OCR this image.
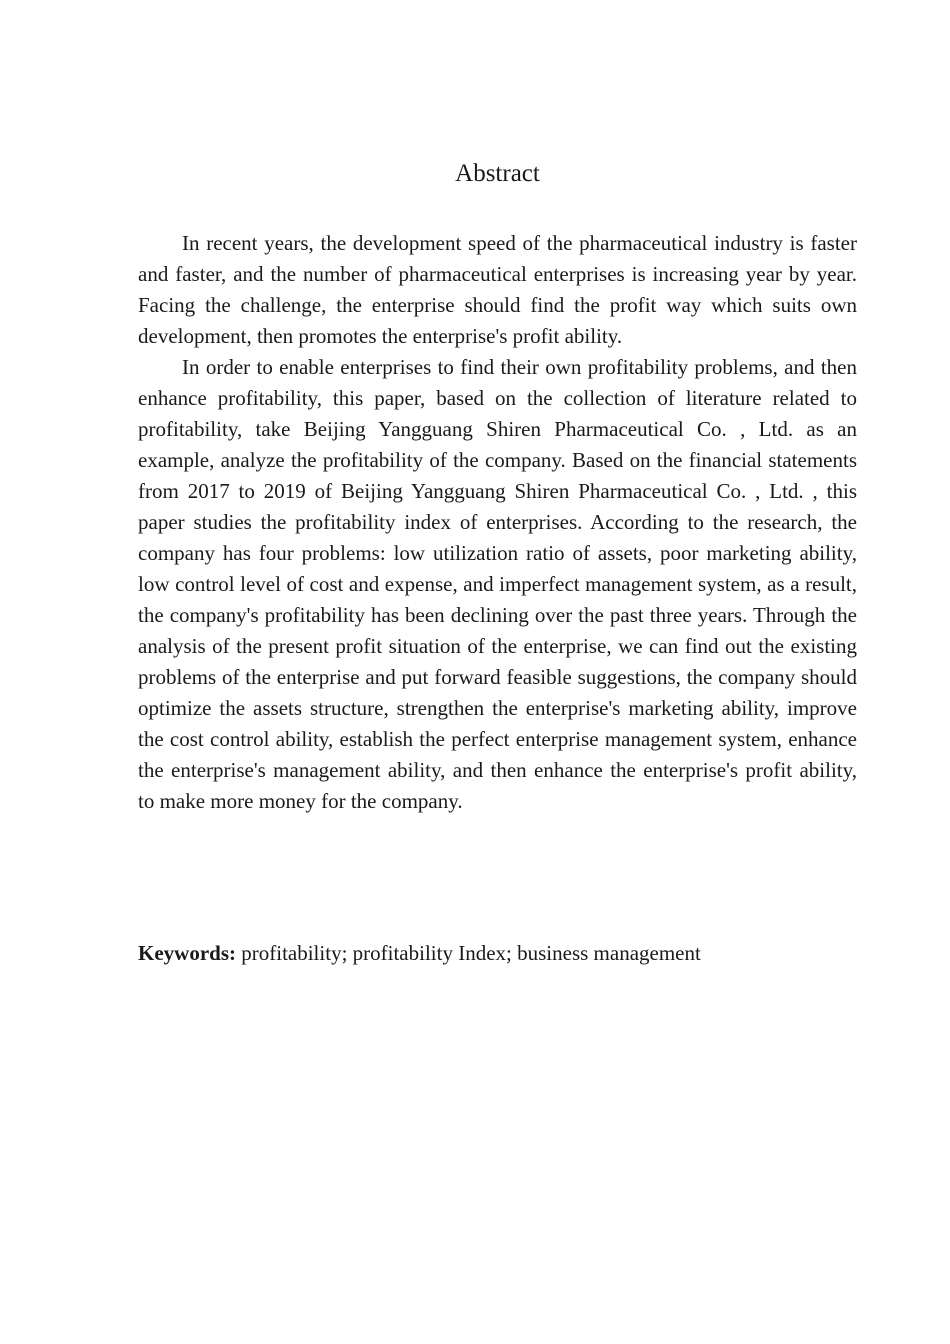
Abstract

In recent years, the development speed of the pharmaceutical industry is faster and faster, and the number of pharmaceutical enterprises is increasing year by year. Facing the challenge, the enterprise should find the profit way which suits own development, then promotes the enterprise's profit ability.

In order to enable enterprises to find their own profitability problems, and then enhance profitability, this paper, based on the collection of literature related to profitability, take Beijing Yangguang Shiren Pharmaceutical Co. , Ltd. as an example, analyze the profitability of the company. Based on the financial statements from 2017 to 2019 of Beijing Yangguang Shiren Pharmaceutical Co. , Ltd. , this paper studies the profitability index of enterprises. According to the research, the company has four problems: low utilization ratio of assets, poor marketing ability, low control level of cost and expense, and imperfect management system, as a result, the company's profitability has been declining over the past three years. Through the analysis of the present profit situation of the enterprise, we can find out the existing problems of the enterprise and put forward feasible suggestions, the company should optimize the assets structure, strengthen the enterprise's marketing ability, improve the cost control ability, establish the perfect enterprise management system, enhance the enterprise's management ability, and then enhance the enterprise's profit ability, to make more money for the company.

Keywords: profitability; profitability Index; business management
